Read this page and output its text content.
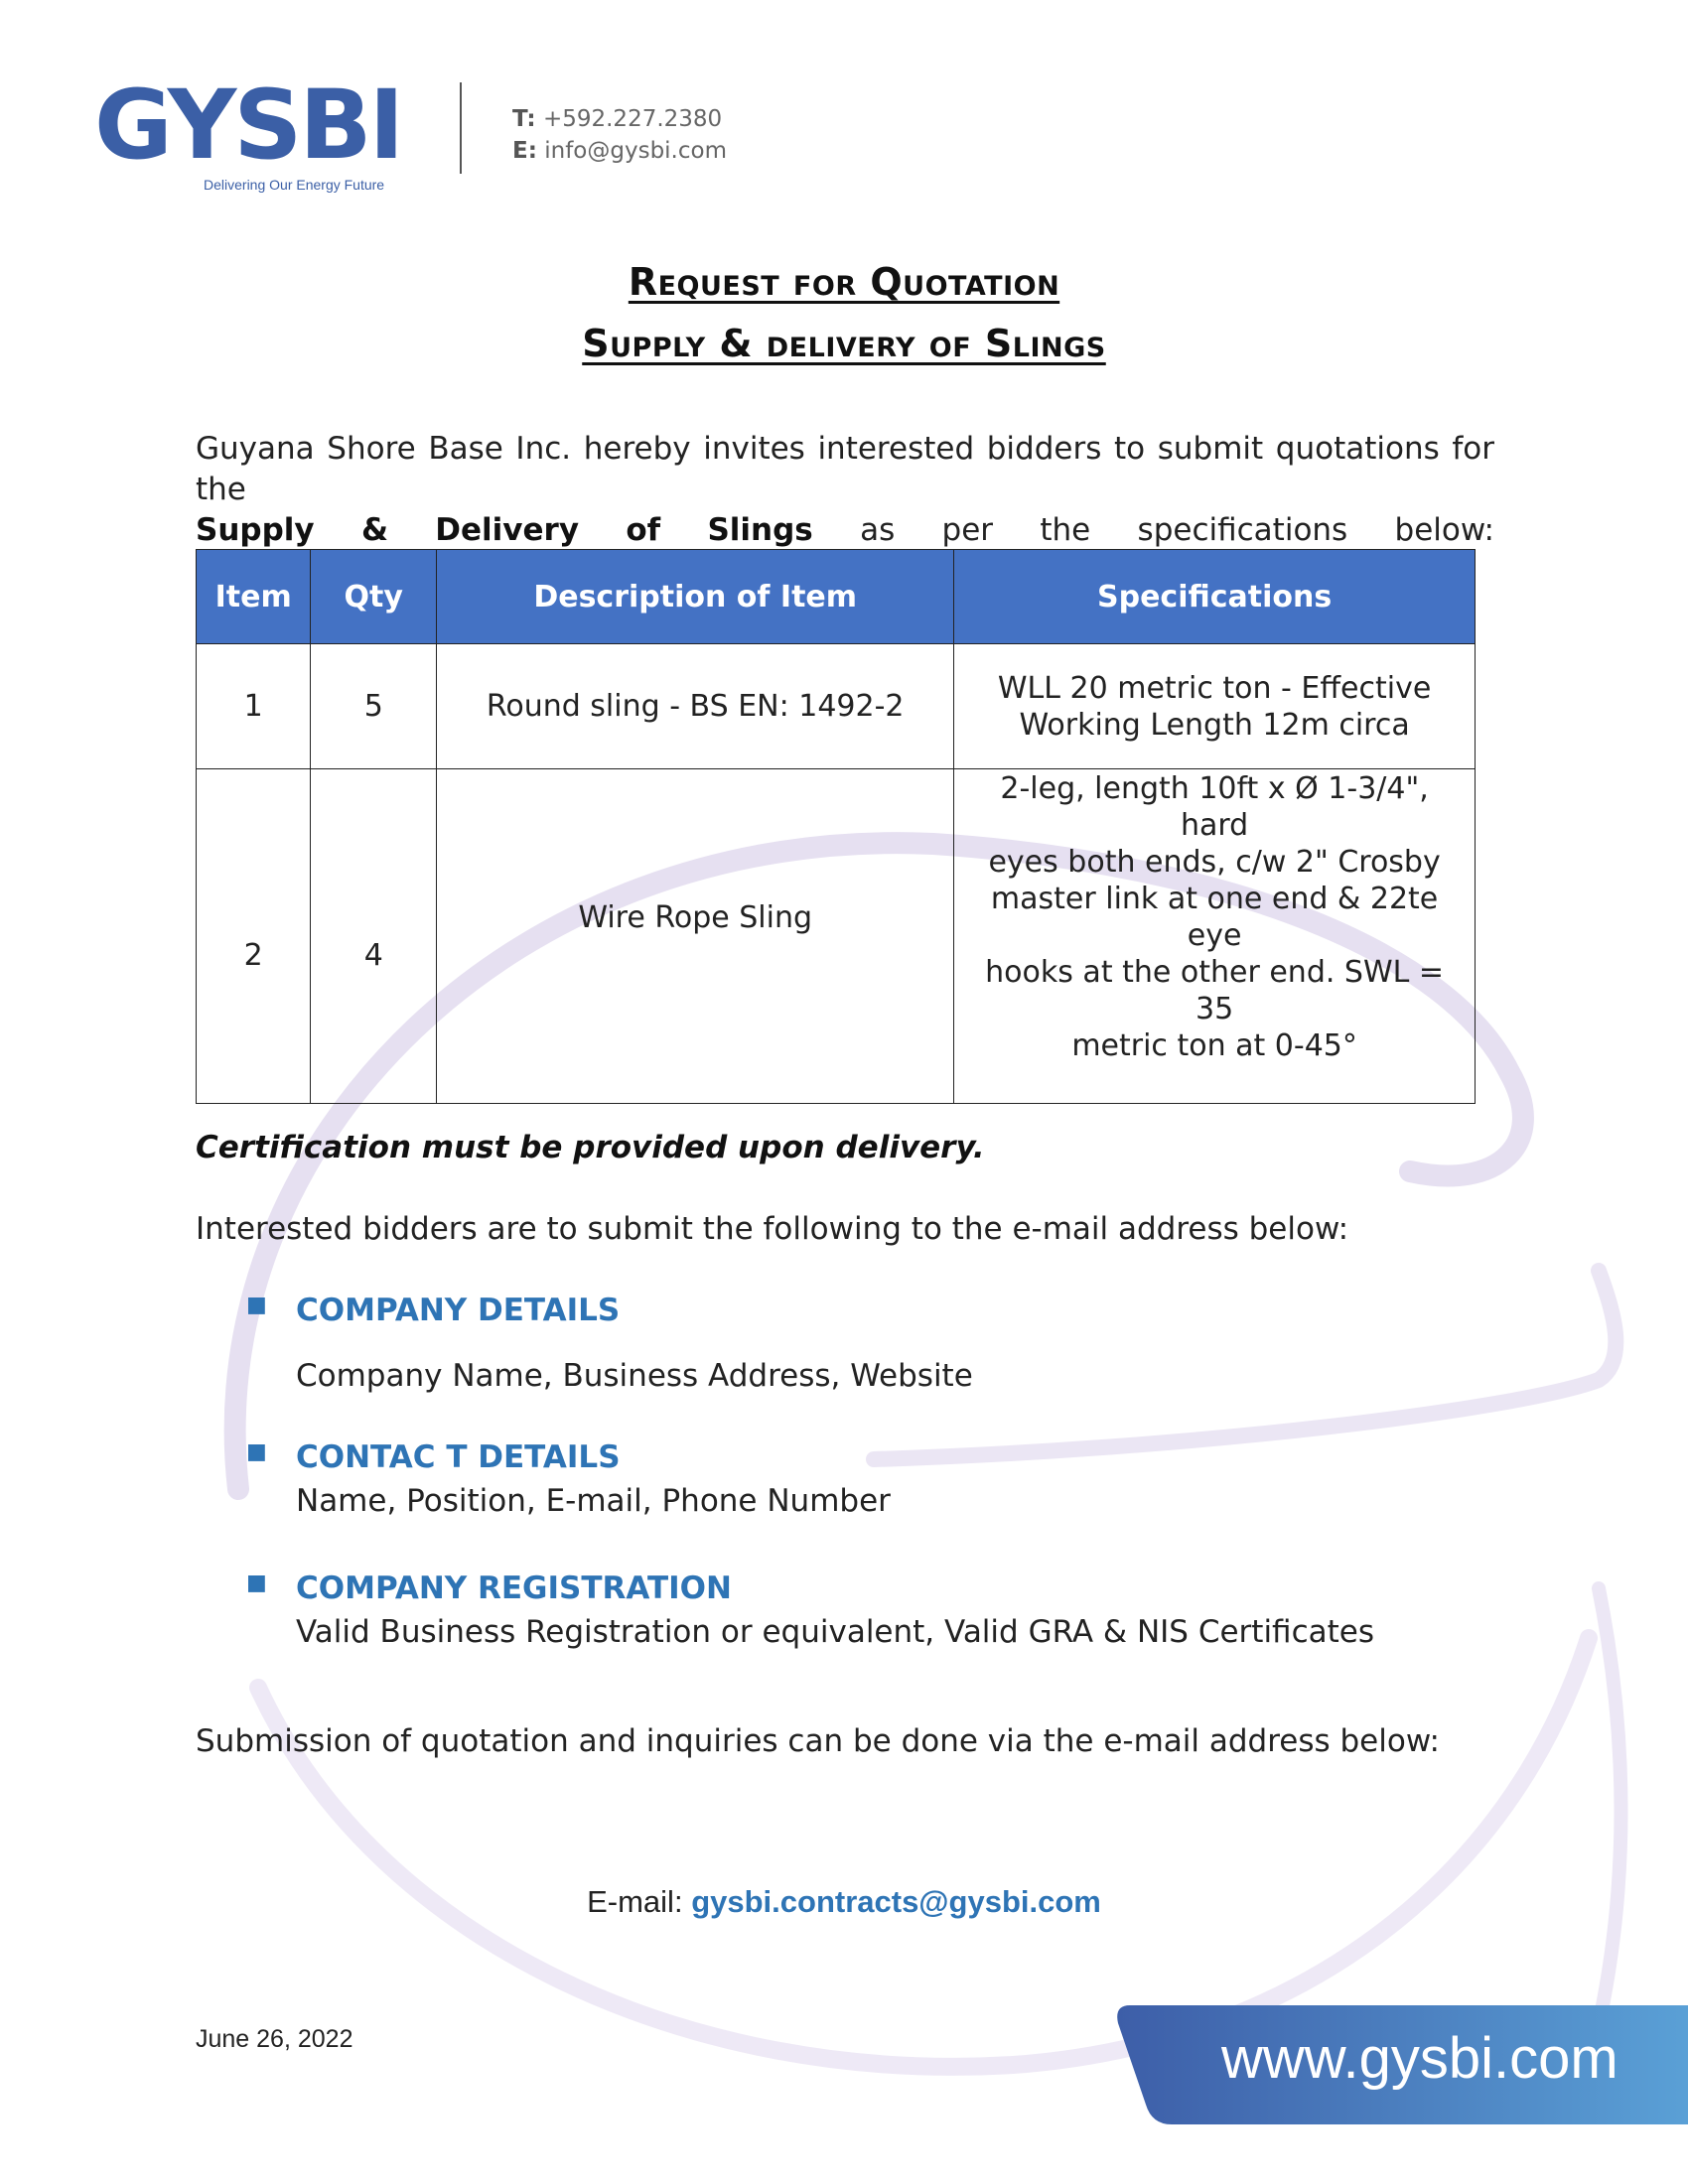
GYSBI
Delivering Our Energy Future
T: +592.227.2380
E: info@gysbi.com
Request for Quotation
Supply & delivery of Slings
Guyana Shore Base Inc. hereby invites interested bidders to submit quotations for the
Supply & Delivery of Slings as per the specifications below:
Item	Qty	Description of Item	Specifications
1	5	Round sling - BS EN: 1492-2	WLL 20 metric ton - Effective
Working Length 12m circa

2	4	Wire Rope Sling	2-leg, length 10ft x Ø 1-3/4", hard
eyes both ends, c/w 2" Crosby
master link at one end & 22te eye
hooks at the other end. SWL = 35
metric ton at 0-45°
Certification must be provided upon delivery.
Interested bidders are to submit the following to the e-mail address below:
■ COMPANY DETAILS
Company Name, Business Address, Website
■ CONTAC T DETAILS
Name, Position, E-mail, Phone Number
■ COMPANY REGISTRATION
Valid Business Registration or equivalent, Valid GRA & NIS Certificates
Submission of quotation and inquiries can be done via the e-mail address below:
E-mail: gysbi.contracts@gysbi.com
June 26, 2022	www.gysbi.com
